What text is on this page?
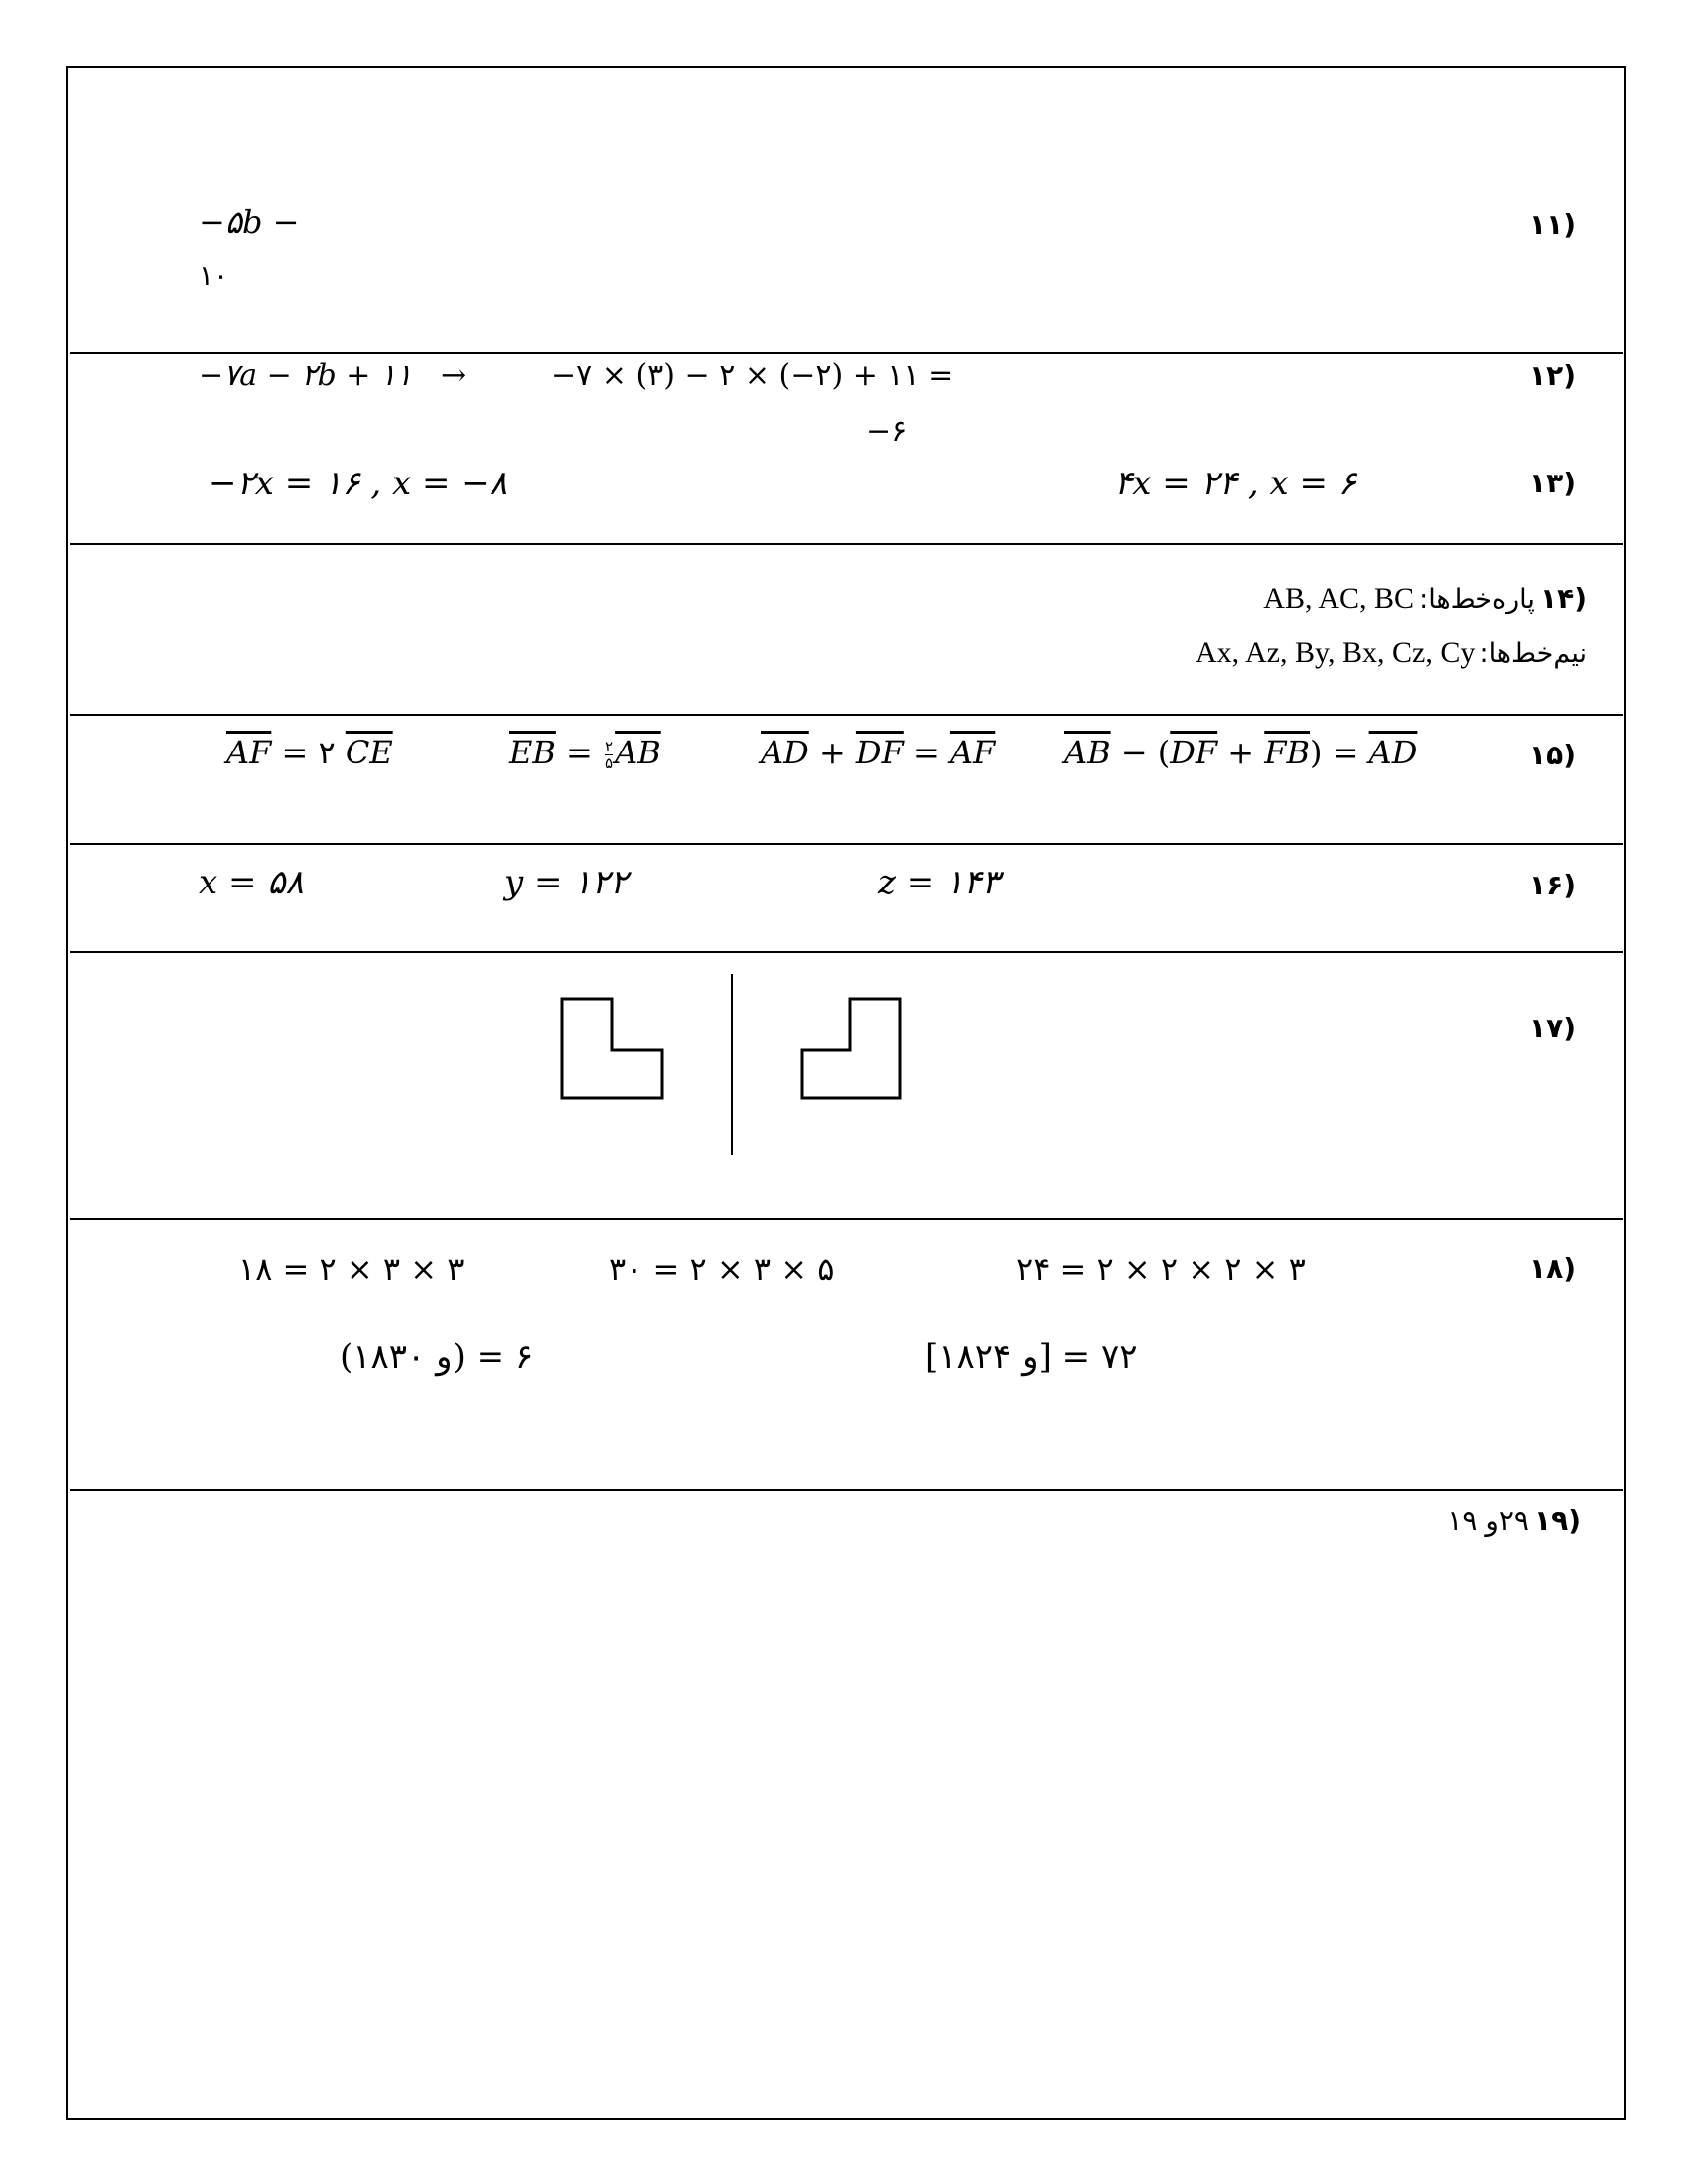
(۱۱
−۵b −
۱۰
(۱۲
−۷a − ۲b + ۱۱ →	−۷ × (۳) − ۲ × (−۲) + ۱۱ =
−۶
(۱۳
−۲x = ۱۶ , x = −۸	۴x = ۲۴ , x = ۶
(۱۴ پاره‌خط‌ها: AB, AC, BC
نیم‌خط‌ها: Ax, Az, By, Bx, Cz, Cy
(۱۵
$\overline{AF}$ = ۲ $\overline{CE}$	$\overline{EB} = \frac{۲}{۵} \overline{AB}$	$\overline{AD} + \overline{DF} = \overline{AF}$ $\overline{AB} - (\overline{DF} + \overline{FB}) = \overline{AD}$
(۱۶
x = ۵۸	y = ۱۲۲	z = ۱۴۳
(۱۷
(۱۸
۱۸ = ۲ × ۳ × ۳	۳۰ = ۲ × ۳ × ۵	۲۴ = ۲ × ۲ × ۲ × ۳
(۱۸و ۳۰) = ۶	[۱۸و ۲۴] = ۷۲
(۱۹ ۲۹و ۱۹
